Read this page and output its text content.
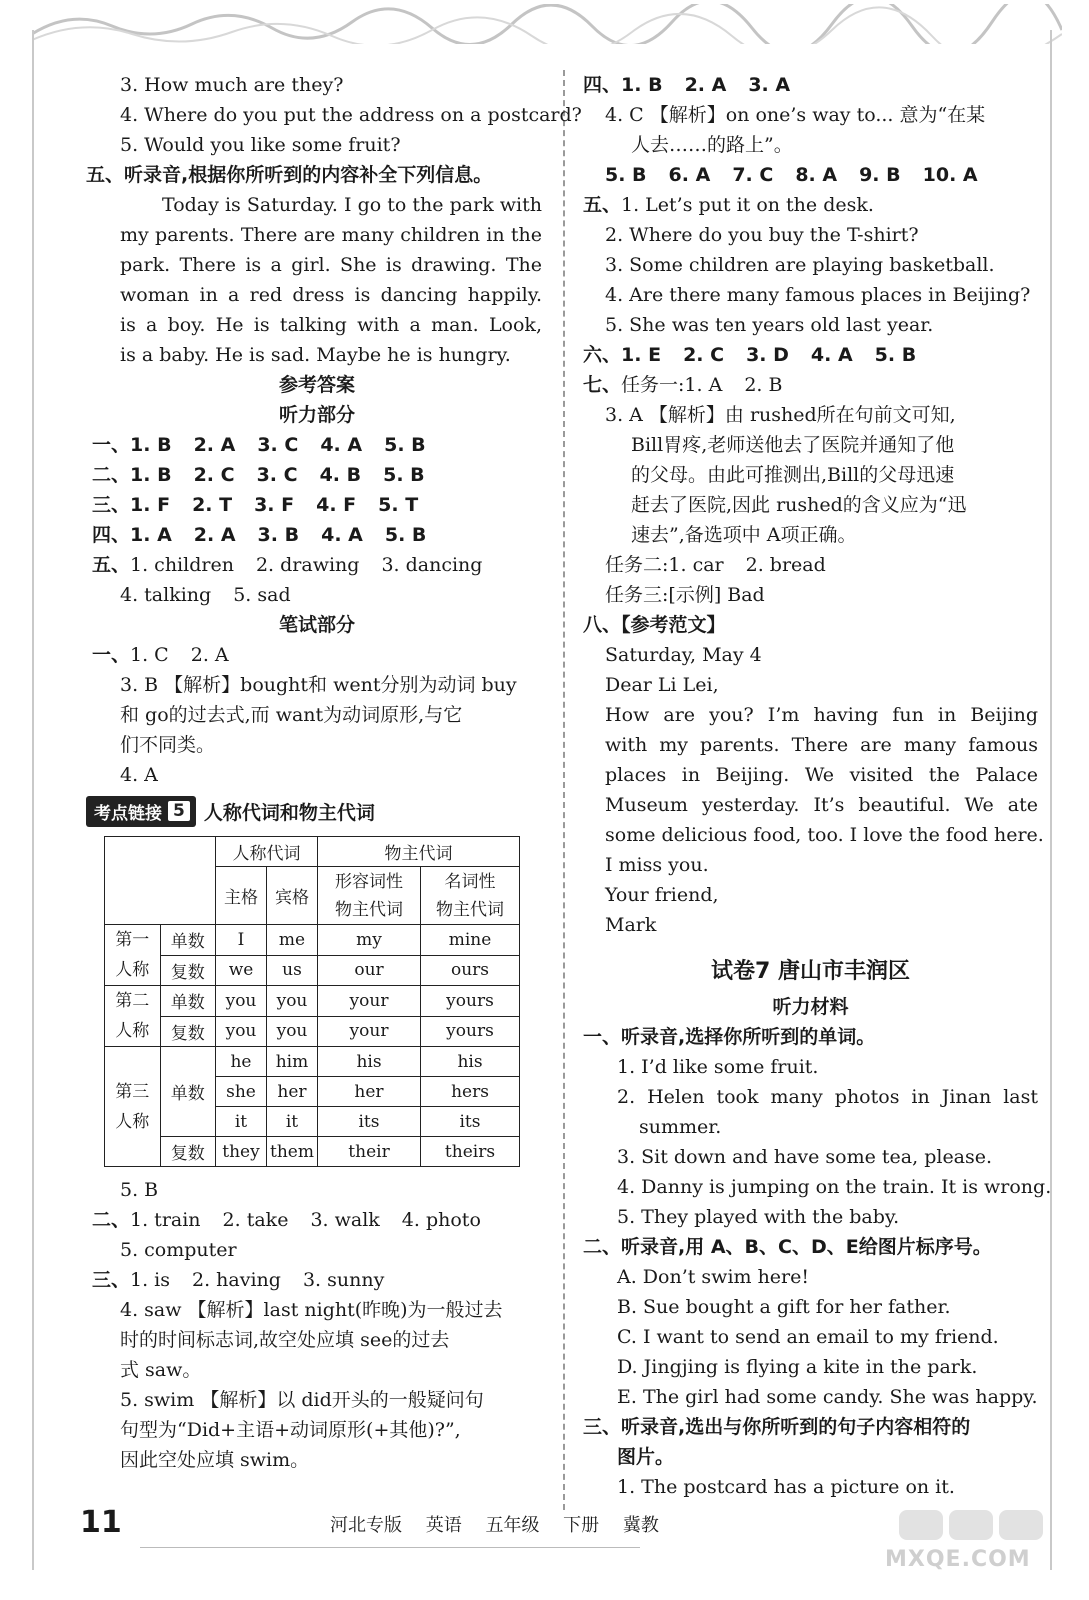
3. How much are they?
4. Where do you put the address on a postcard?
5. Would you like some fruit?
五、听录音,根据你所听到的内容补全下列信息。
Today is Saturday. I go to the park with
my parents. There are many children in the
park. There is a girl. She is drawing. The
woman in a red dress is dancing happily.
is a boy. He is talking with a man. Look,
is a baby. He is sad. Maybe he is hungry.
参考答案
听力部分
一、1. B 2. A 3. C 4. A 5. B
二、1. B 2. C 3. C 4. B 5. B
三、1. F 2. T 3. F 4. F 5. T
四、1. A 2. A 3. B 4. A 5. B
五、1. children 2. drawing 3. dancing
4. talking 5. sad
笔试部分
一、1. C 2. A
3. B 【解析】bought和 went分别为动词 buy
和 go的过去式,而 want为动词原形,与它
们不同类。
4. A
考点链接 5 人称代词和物主代词
		人称代词		物主代词	
		主格	宾格	形容词性
物主代词	名词性
物主代词
第一
人称	单数	I	me	my	mine
	复数	we	us	our	ours
第二
人称	单数	you	you	your	yours
	复数	you	you	your	yours
第三
人称	单数	he	him	his	his
		she	her	her	hers
		it	it	its	its
	复数	they	them	their	theirs
5. B
二、1. train 2. take 3. walk 4. photo
5. computer
三、1. is 2. having 3. sunny
4. saw 【解析】last night(昨晚)为一般过去
时的时间标志词,故空处应填 see的过去
式 saw。
5. swim 【解析】以 did开头的一般疑问句
句型为“Did+主语+动词原形(+其他)?”,
因此空处应填 swim。
四、1. B 2. A 3. A
4. C 【解析】on one’s way to... 意为“在某
人去……的路上”。
5. B 6. A 7. C 8. A 9. B 10. A
五、1. Let’s put it on the desk.
2. Where do you buy the T-shirt?
3. Some children are playing basketball.
4. Are there many famous places in Beijing?
5. She was ten years old last year.
六、1. E 2. C 3. D 4. A 5. B
七、任务一:1. A 2. B
3. A 【解析】由 rushed所在句前文可知,
Bill胃疼,老师送他去了医院并通知了他
的父母。由此可推测出,Bill的父母迅速
赶去了医院,因此 rushed的含义应为“迅
速去”,备选项中 A项正确。
任务二:1. car 2. bread
任务三:[示例] Bad
八、【参考范文】
Saturday, May 4
Dear Li Lei,
How are you? I’m having fun in Beijing
with my parents. There are many famous
places in Beijing. We visited the Palace
Museum yesterday. It’s beautiful. We ate
some delicious food, too. I love the food here.
I miss you.
Your friend,
Mark
试卷7 唐山市丰润区
听力材料
一、听录音,选择你所听到的单词。
1. I’d like some fruit.
2. Helen took many photos in Jinan last
summer.
3. Sit down and have some tea, please.
4. Danny is jumping on the train. It is wrong.
5. They played with the baby.
二、听录音,用 A、B、C、D、E给图片标序号。
A. Don’t swim here!
B. Sue bought a gift for her father.
C. I want to send an email to my friend.
D. Jingjing is flying a kite in the park.
E. The girl had some candy. She was happy.
三、听录音,选出与你所听到的句子内容相符的
图片。
1. The postcard has a picture on it.
11	河北专版 英语 五年级 下册 冀教
MXQE.COM
